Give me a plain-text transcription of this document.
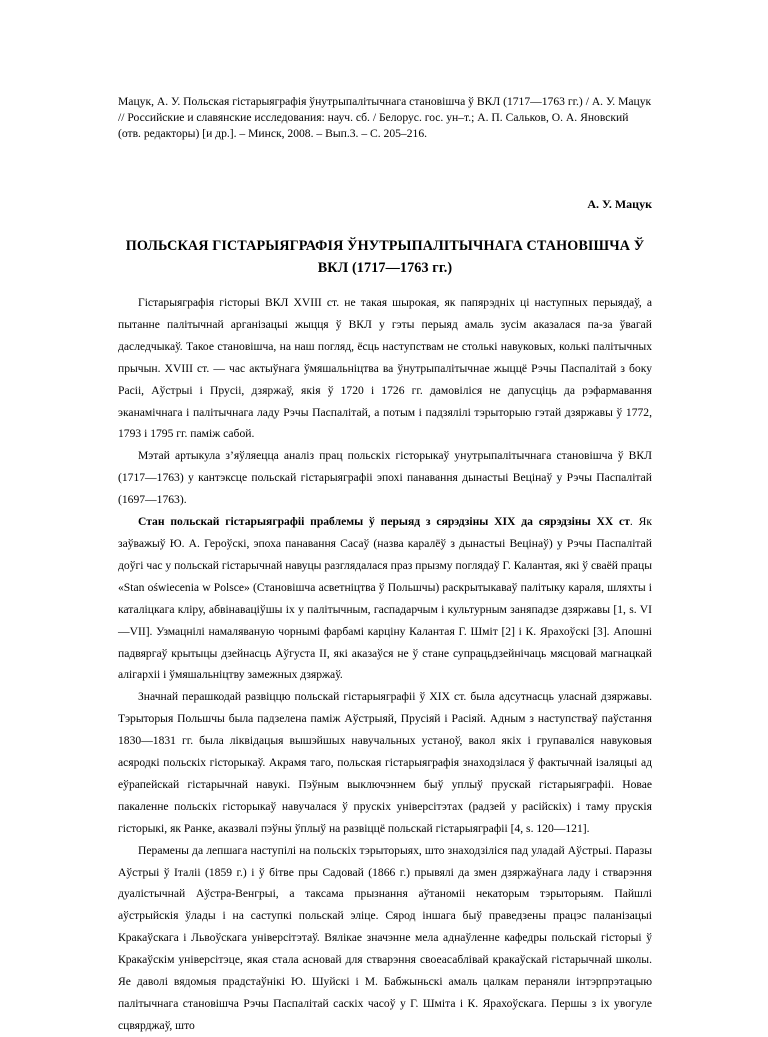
Мацук, А. У. Польская гістарыяграфія ўнутрыпалітычнага становішча ў ВКЛ (1717—1763 гг.) / А. У. Мацук // Российские и славянские исследования: науч. сб. / Белорус. гос. ун–т.; А. П. Сальков, О. А. Яновский (отв. редакторы) [и др.]. – Минск, 2008. – Вып.3. – С. 205–216.

А. У. Мацук
ПОЛЬСКАЯ ГІСТАРЫЯГРАФІЯ ЎНУТРЫПАЛІТЫЧНАГА СТАНОВІШЧА Ў ВКЛ (1717—1763 гг.)

Гістарыяграфія гісторыі ВКЛ XVIII ст. не такая шырокая, як папярэдніх ці наступных перыядаў, а пытанне палітычнай арганізацыі жыцця ў ВКЛ у гэты перыяд амаль зусім аказалася па-за ўвагай даследчыкаў. Такое становішча, на наш погляд, ёсць наступствам не столькі навуковых, колькі палітычных прычын. XVIII ст. — час актыўнага ўмяшальніцтва ва ўнутрыпалітычнае жыццё Рэчы Паспалітай з боку Расіі, Аўстрыі і Прусіі, дзяржаў, якія ў 1720 і 1726 гг. дамовіліся не дапусціць да рэфармавання эканамічнага і палітычнага ладу Рэчы Паспалітай, а потым і падзялілі тэрыторыю гэтай дзяржавы ў 1772, 1793 і 1795 гг. паміж сабой.

Мэтай артыкула з’яўляецца аналіз прац польскіх гісторыкаў унутрыпалітычнага становішча ў ВКЛ (1717—1763) у кантэксце польскай гістарыяграфіі эпохі панавання дынастыі Вецінаў у Рэчы Паспалітай (1697—1763).

Стан польскай гістарыяграфіі праблемы ў перыяд з сярэдзіны XIX да сярэдзіны XX ст. Як заўважыў Ю. А. Героўскі, эпоха панавання Сасаў (назва каралёў з дынастыі Вецінаў) у Рэчы Паспалітай доўгі час у польскай гістарычнай навуцы разглядалася праз прызму поглядаў Г. Калантая, які ў сваёй працы «Stan oświecenia w Polsce» (Становішча асветніцтва ў Польшчы) раскрытыкаваў палітыку караля, шляхты і каталіцкага кліру, абвінаваціўшы іх у палітычным, гаспадарчым і культурным заняпадзе дзяржавы [1, s. VI—VII]. Узмацнілі намаляваную чорнымі фарбамі карціну Калантая Г. Шміт [2] і К. Ярахоўскі [3]. Апошні падвяргаў крытыцы дзейнасць Аўгуста II, які аказаўся не ў стане супрацьдзейнічаць мясцовай магнацкай алігархіі і ўмяшальніцтву замежных дзяржаў.

Значнай перашкодай развіццю польскай гістарыяграфіі ў XIX ст. была адсутнасць уласнай дзяржавы. Тэрыторыя Польшчы была падзелена паміж Аўстрыяй, Прусіяй і Расіяй. Адным з наступстваў паўстання 1830—1831 гг. была ліквідацыя вышэйшых навучальных устаноў, вакол якіх і групаваліся навуковыя асяродкі польскіх гісторыкаў. Акрамя таго, польская гістарыяграфія знаходзілася ў фактычнай ізаляцыі ад еўрапейскай гістарычнай навукі. Пэўным выключэннем быў уплыў прускай гістарыяграфіі. Новае пакаленне польскіх гісторыкаў навучалася ў прускіх універсітэтах (радзей у расійскіх) і таму прускія гісторыкі, як Ранке, аказвалі пэўны ўплыў на развіццё польскай гістарыяграфіі [4, s. 120—121].

Перамены да лепшага наступілі на польскіх тэрыторыях, што знаходзіліся пад уладай Аўстрыі. Паразы Аўстрыі ў Італіі (1859 г.) і ў бітве пры Садовай (1866 г.) прывялі да змен дзяржаўнага ладу і стварэння дуалістычнай Аўстра-Венгрыі, а таксама прызнання аўтаноміі некаторым тэрыторыям. Пайшлі аўстрыйскія ўлады і на саступкі польскай эліце. Сярод іншага быў праведзены працэс паланізацыі Кракаўскага і Львоўскага універсітэтаў. Вялікае значэнне мела аднаўленне кафедры польскай гісторыі ў Кракаўскім універсітэце, якая стала асновай для стварэння своеасаблівай кракаўскай гістарычнай школы. Яе даволі вядомыя прадстаўнікі Ю. Шуйскі і М. Бабжыньскі амаль цалкам пераняли інтэрпрэтацыю палітычнага становішча Рэчы Паспалітай саскіх часоў у Г. Шміта і К. Ярахоўскага. Першы з іх увогуле сцвярджаў, што
